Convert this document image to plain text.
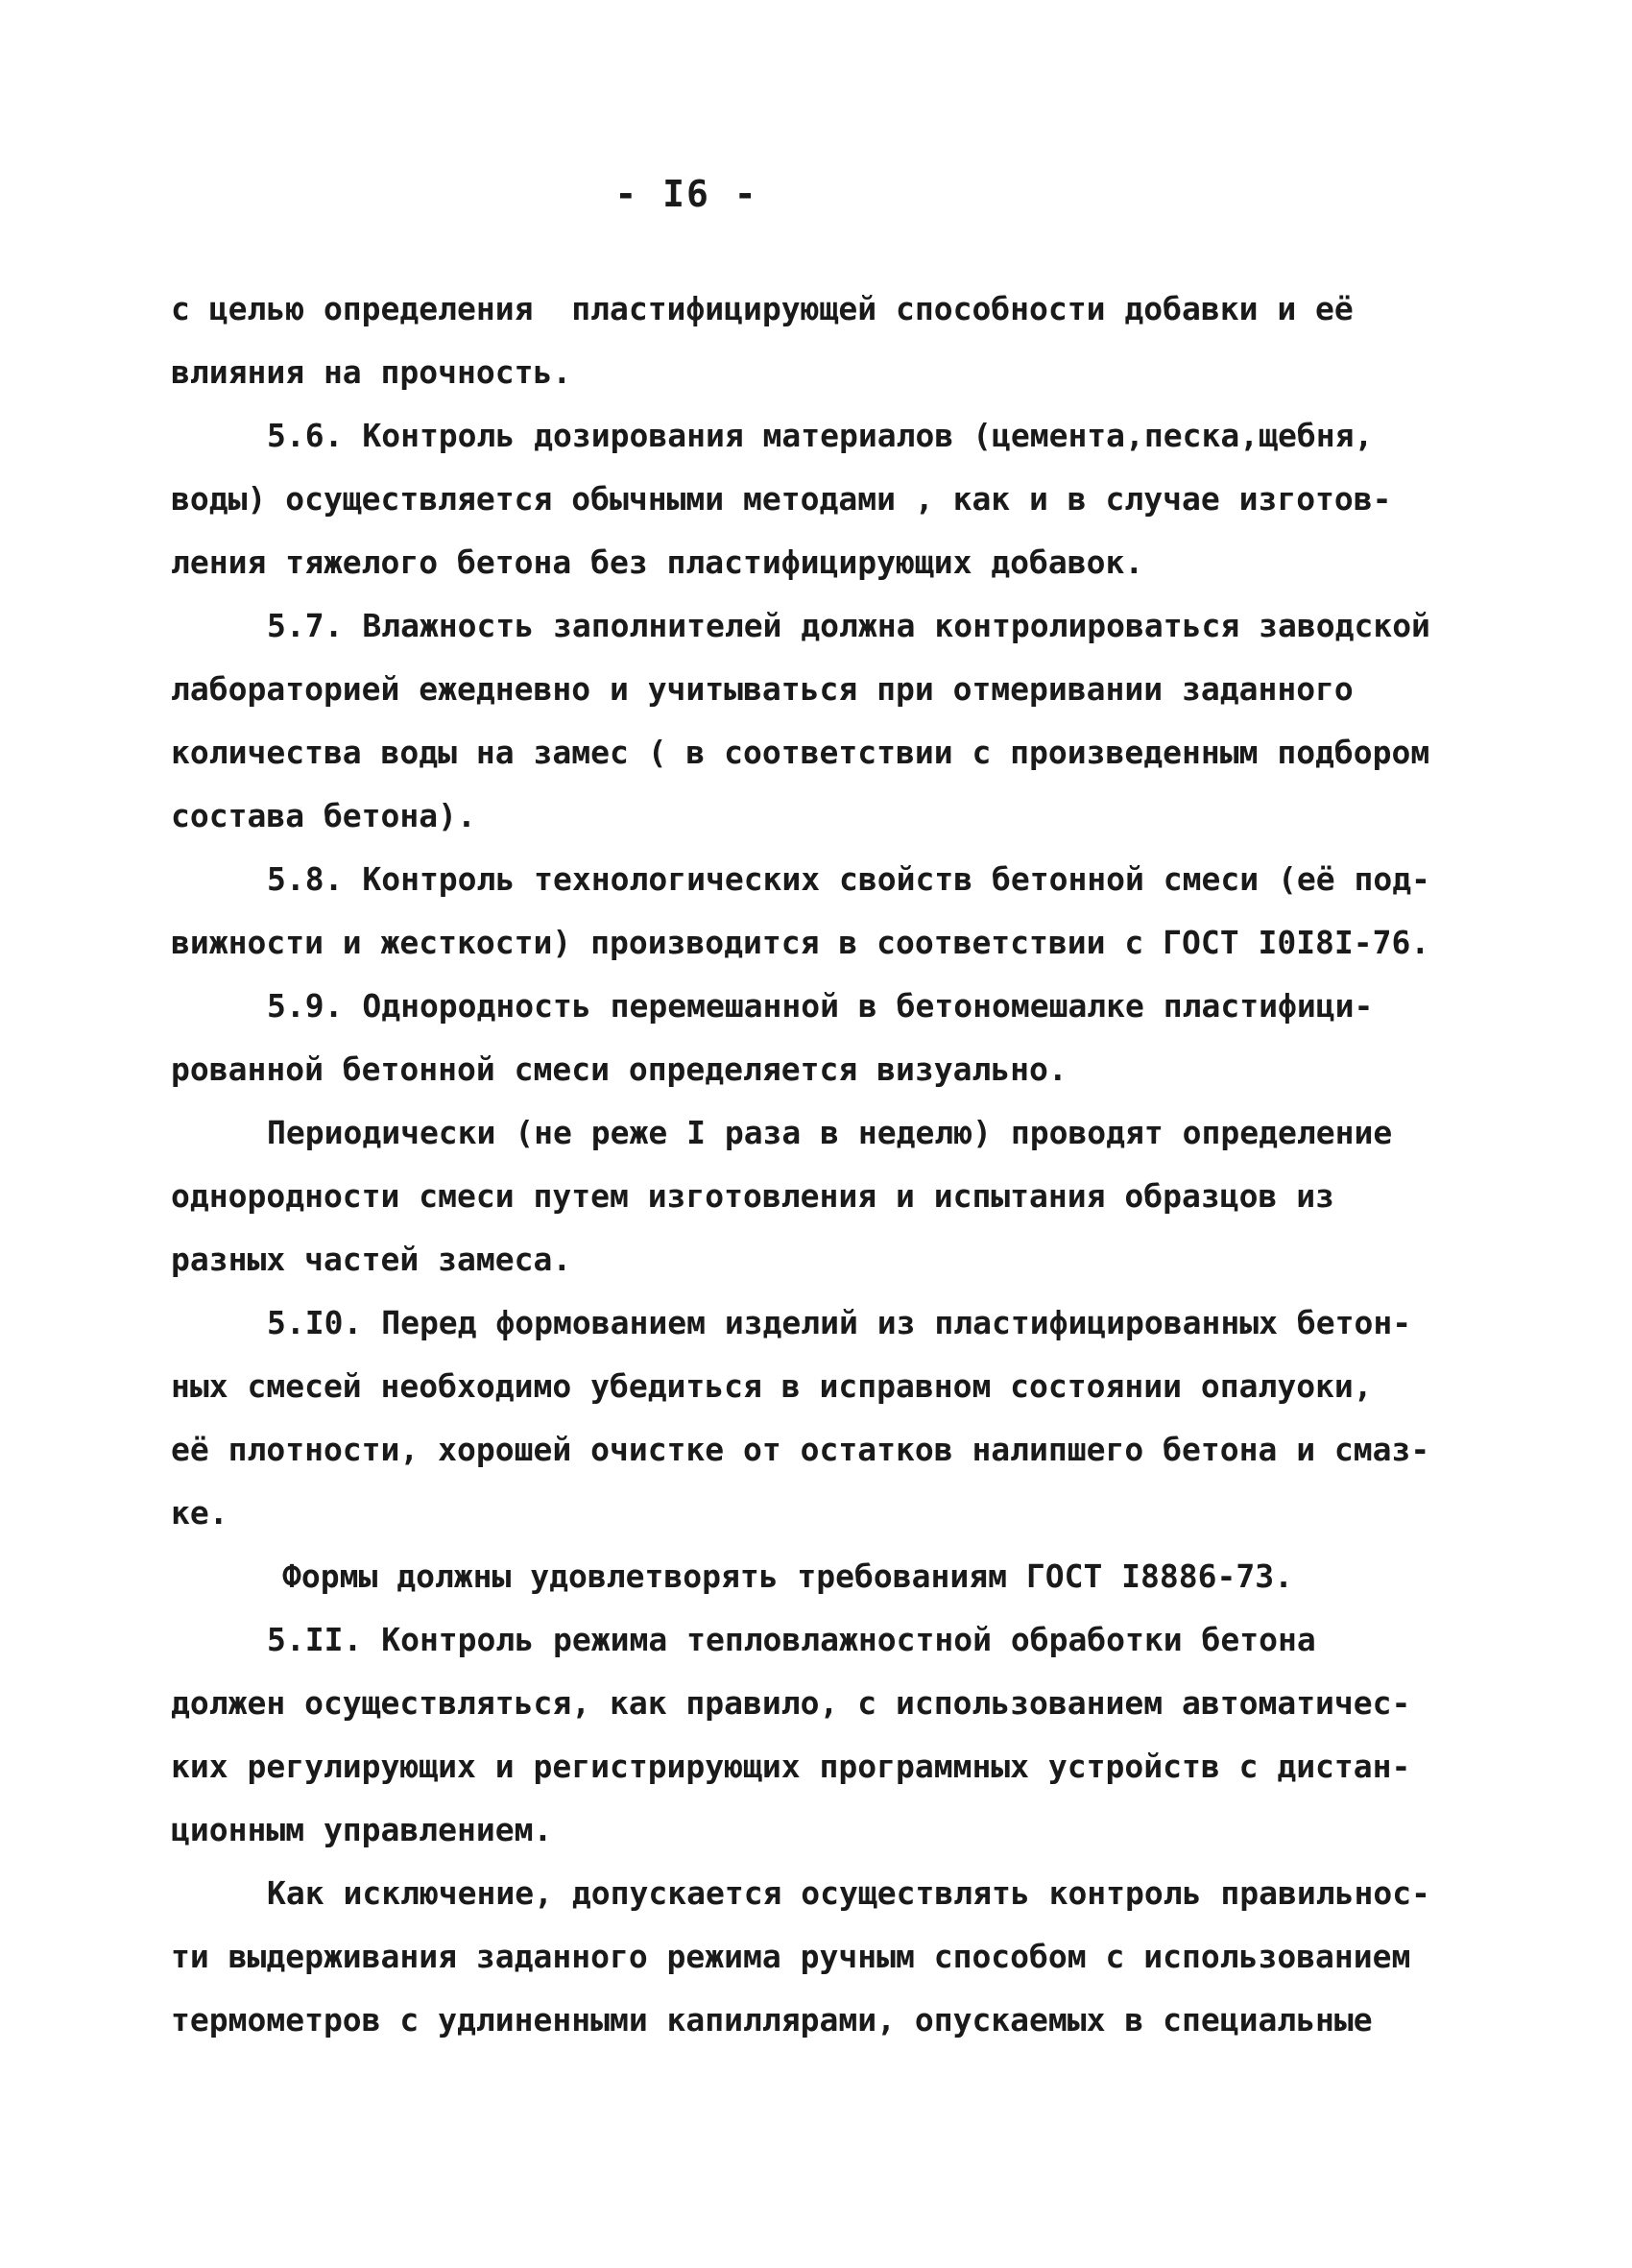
- I6 -
с целью определения  пластифицирующей способности добавки и её
влияния на прочность.
5.6. Контроль дозирования материалов (цемента,песка,щебня,
воды) осуществляется обычными методами , как и в случае изготов-
ления тяжелого бетона без пластифицирующих добавок.
5.7. Влажность заполнителей должна контролироваться заводской
лабораторией ежедневно и учитываться при отмеривании заданного
количества воды на замес ( в соответствии с произведенным подбором
состава бетона).
5.8. Контроль технологических свойств бетонной смеси (её под-
вижности и жесткости) производится в соответствии с ГОСТ I0I8I-76.
5.9. Однородность перемешанной в бетономешалке пластифици-
рованной бетонной смеси определяется визуально.
Периодически (не реже I раза в неделю) проводят определение
однородности смеси путем изготовления и испытания образцов из
разных частей замеса.
5.I0. Перед формованием изделий из пластифицированных бетон-
ных смесей необходимо убедиться в исправном состоянии опалуоки,
её плотности, хорошей очистке от остатков налипшего бетона и смаз-
ке.
Формы должны удовлетворять требованиям ГОСТ I8886-73.
5.II. Контроль режима тепловлажностной обработки бетона
должен осуществляться, как правило, с использованием автоматичес-
ких регулирующих и регистрирующих программных устройств с дистан-
ционным управлением.
Как исключение, допускается осуществлять контроль правильнос-
ти выдерживания заданного режима ручным способом с использованием
термометров с удлиненными капиллярами, опускаемых в специальные
